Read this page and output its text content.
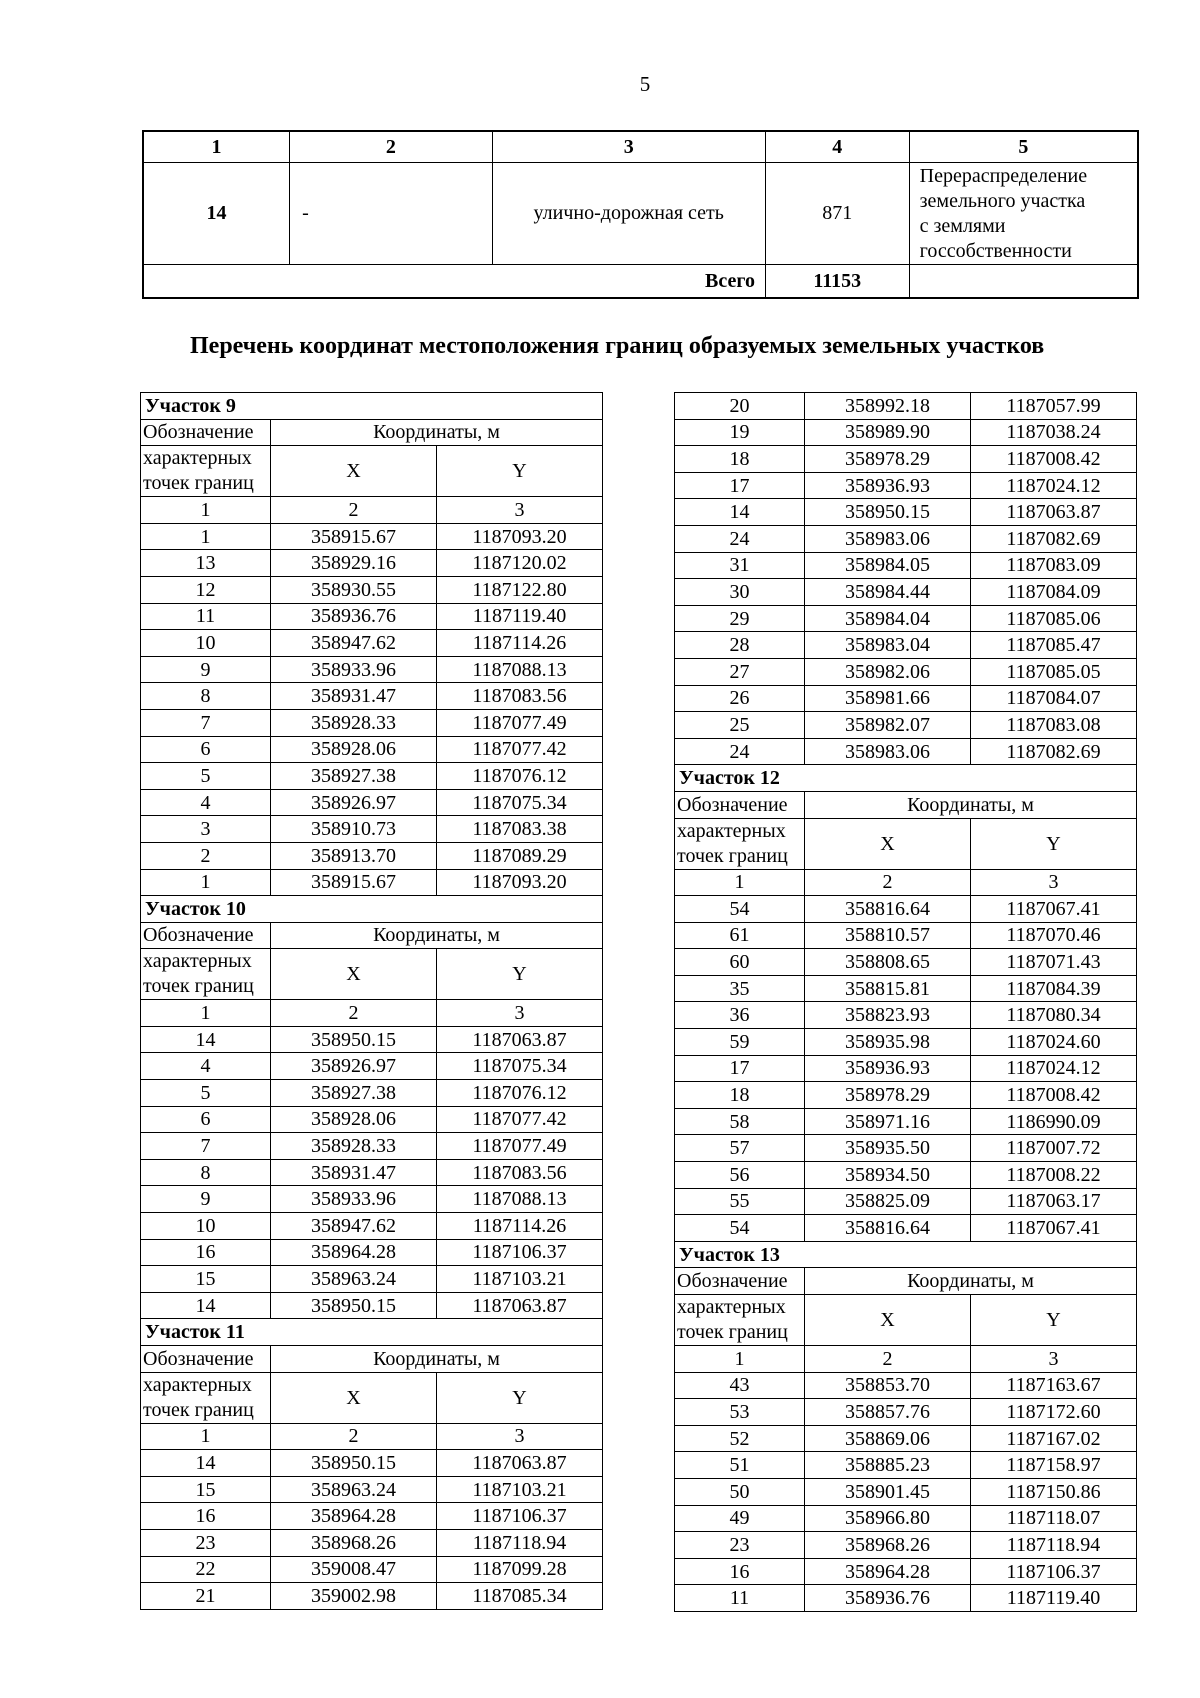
5
1	2	3	4	5
14	-	улично-дорожная сеть	871	Перераспределение
земельного участка
с землями
госсобственности

Всего			11153	
Перечень координат местоположения границ образуемых земельных участков
Участок 9		
Обозначение	Координаты, м	

характерных
точек границ	X	Y

1	2	3
1	358915.67	1187093.20
13	358929.16	1187120.02
12	358930.55	1187122.80
11	358936.76	1187119.40
10	358947.62	1187114.26
9	358933.96	1187088.13
8	358931.47	1187083.56
7	358928.33	1187077.49
6	358928.06	1187077.42
5	358927.38	1187076.12
4	358926.97	1187075.34
3	358910.73	1187083.38
2	358913.70	1187089.29
1	358915.67	1187093.20
Участок 10		
Обозначение	Координаты, м	

характерных
точек границ	X	Y

1	2	3
14	358950.15	1187063.87
4	358926.97	1187075.34
5	358927.38	1187076.12
6	358928.06	1187077.42
7	358928.33	1187077.49
8	358931.47	1187083.56
9	358933.96	1187088.13
10	358947.62	1187114.26
16	358964.28	1187106.37
15	358963.24	1187103.21
14	358950.15	1187063.87
Участок 11		
Обозначение	Координаты, м	

характерных
точек границ	X	Y

1	2	3
14	358950.15	1187063.87
15	358963.24	1187103.21
16	358964.28	1187106.37
23	358968.26	1187118.94
22	359008.47	1187099.28
21	359002.98	1187085.34
20	358992.18	1187057.99
19	358989.90	1187038.24
18	358978.29	1187008.42
17	358936.93	1187024.12
14	358950.15	1187063.87
24	358983.06	1187082.69
31	358984.05	1187083.09
30	358984.44	1187084.09
29	358984.04	1187085.06
28	358983.04	1187085.47
27	358982.06	1187085.05
26	358981.66	1187084.07
25	358982.07	1187083.08
24	358983.06	1187082.69
Участок 12		
Обозначение	Координаты, м	

характерных
точек границ	X	Y

1	2	3
54	358816.64	1187067.41
61	358810.57	1187070.46
60	358808.65	1187071.43
35	358815.81	1187084.39
36	358823.93	1187080.34
59	358935.98	1187024.60
17	358936.93	1187024.12
18	358978.29	1187008.42
58	358971.16	1186990.09
57	358935.50	1187007.72
56	358934.50	1187008.22
55	358825.09	1187063.17
54	358816.64	1187067.41
Участок 13		
Обозначение	Координаты, м	

характерных
точек границ	X	Y

1	2	3
43	358853.70	1187163.67
53	358857.76	1187172.60
52	358869.06	1187167.02
51	358885.23	1187158.97
50	358901.45	1187150.86
49	358966.80	1187118.07
23	358968.26	1187118.94
16	358964.28	1187106.37
11	358936.76	1187119.40
